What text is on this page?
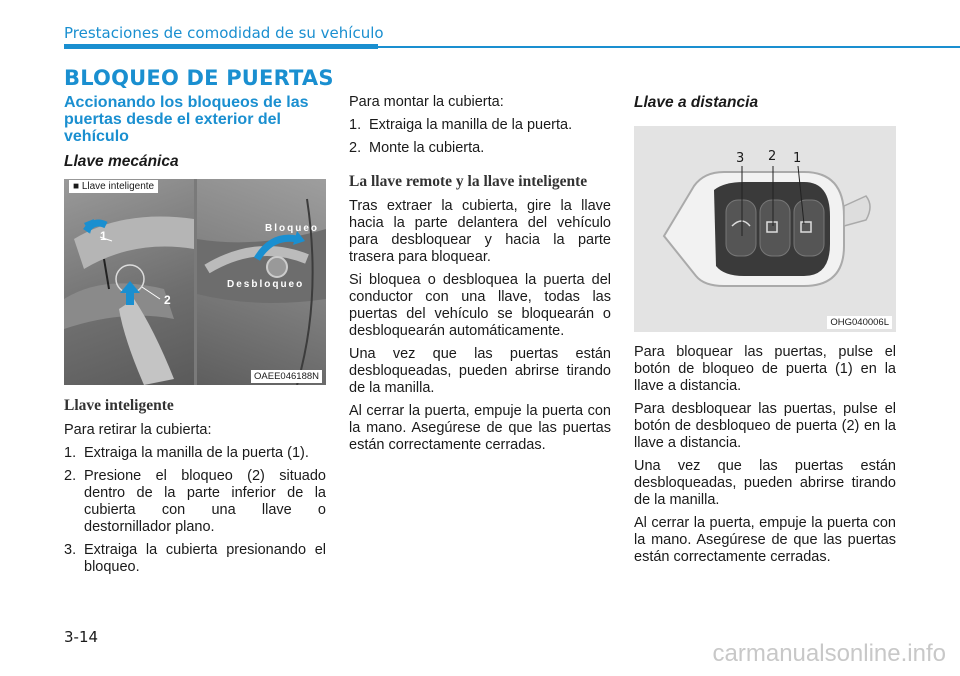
Prestaciones de comodidad de su vehículo
BLOQUEO DE PUERTAS
Accionando los bloqueos de las puertas desde el exterior del vehículo
Llave mecánica
1
2
Bloqueo
Desbloqueo
■ Llave inteligente
OAEE046188N
Llave inteligente

Para retirar la cubierta:

1. Extraiga la manilla de la puerta (1).
2. Presione el bloqueo (2) situado dentro de la parte inferior de la cubierta con una llave o destornillador plano.
3. Extraiga la cubierta presionando el bloqueo.

Para montar la cubierta:

1. Extraiga la manilla de la puerta.
2. Monte la cubierta.
La llave remote y la llave inteligente

Tras extraer la cubierta, gire la llave hacia la parte delantera del vehículo para desbloquear y hacia la parte trasera para bloquear.

Si bloquea o desbloquea la puerta del conductor con una llave, todas las puertas del vehículo se bloquearán o desbloquearán automáticamente.

Una vez que las puertas están desbloqueadas, pueden abrirse tirando de la manilla.

Al cerrar la puerta, empuje la puerta con la mano. Asegúrese de que las puertas están correctamente cerradas.

Llave a distancia
3 2 1
OHG040006L

Para bloquear las puertas, pulse el botón de bloqueo de puerta (1) en la llave a distancia.

Para desbloquear las puertas, pulse el botón de desbloqueo de puerta (2) en la llave a distancia.

Una vez que las puertas están desbloqueadas, pueden abrirse tirando de la manilla.

Al cerrar la puerta, empuje la puerta con la mano. Asegúrese de que las puertas están correctamente cerradas.

3-14
carmanualsonline.info
